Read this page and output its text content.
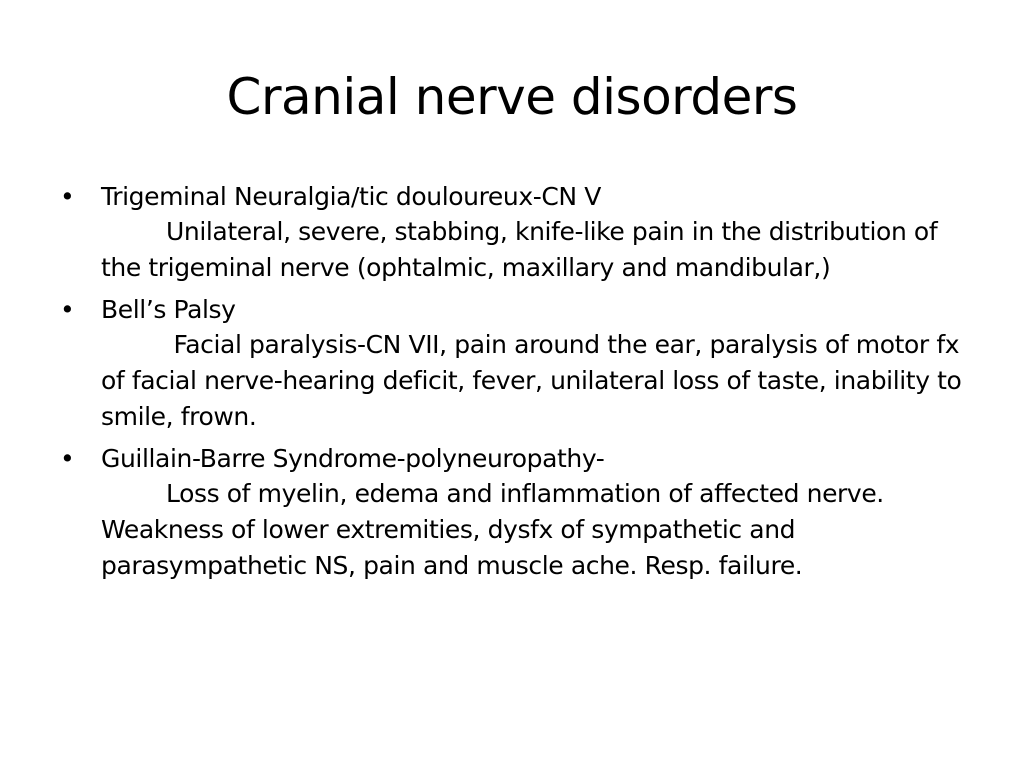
Cranial nerve disorders
• Trigeminal Neuralgia/tic douloureux-CN V
Unilateral, severe, stabbing, knife-like pain in the distribution of the trigeminal nerve (ophtalmic, maxillary and mandibular,)
• Bell’s Palsy
Facial paralysis-CN VII, pain around the ear, paralysis of motor fx of facial nerve-hearing deficit, fever, unilateral loss of taste, inability to smile, frown.
• Guillain-Barre Syndrome-polyneuropathy-
Loss of myelin, edema and inflammation of affected nerve. Weakness of lower extremities, dysfx of sympathetic and parasympathetic NS, pain and muscle ache. Resp. failure.
